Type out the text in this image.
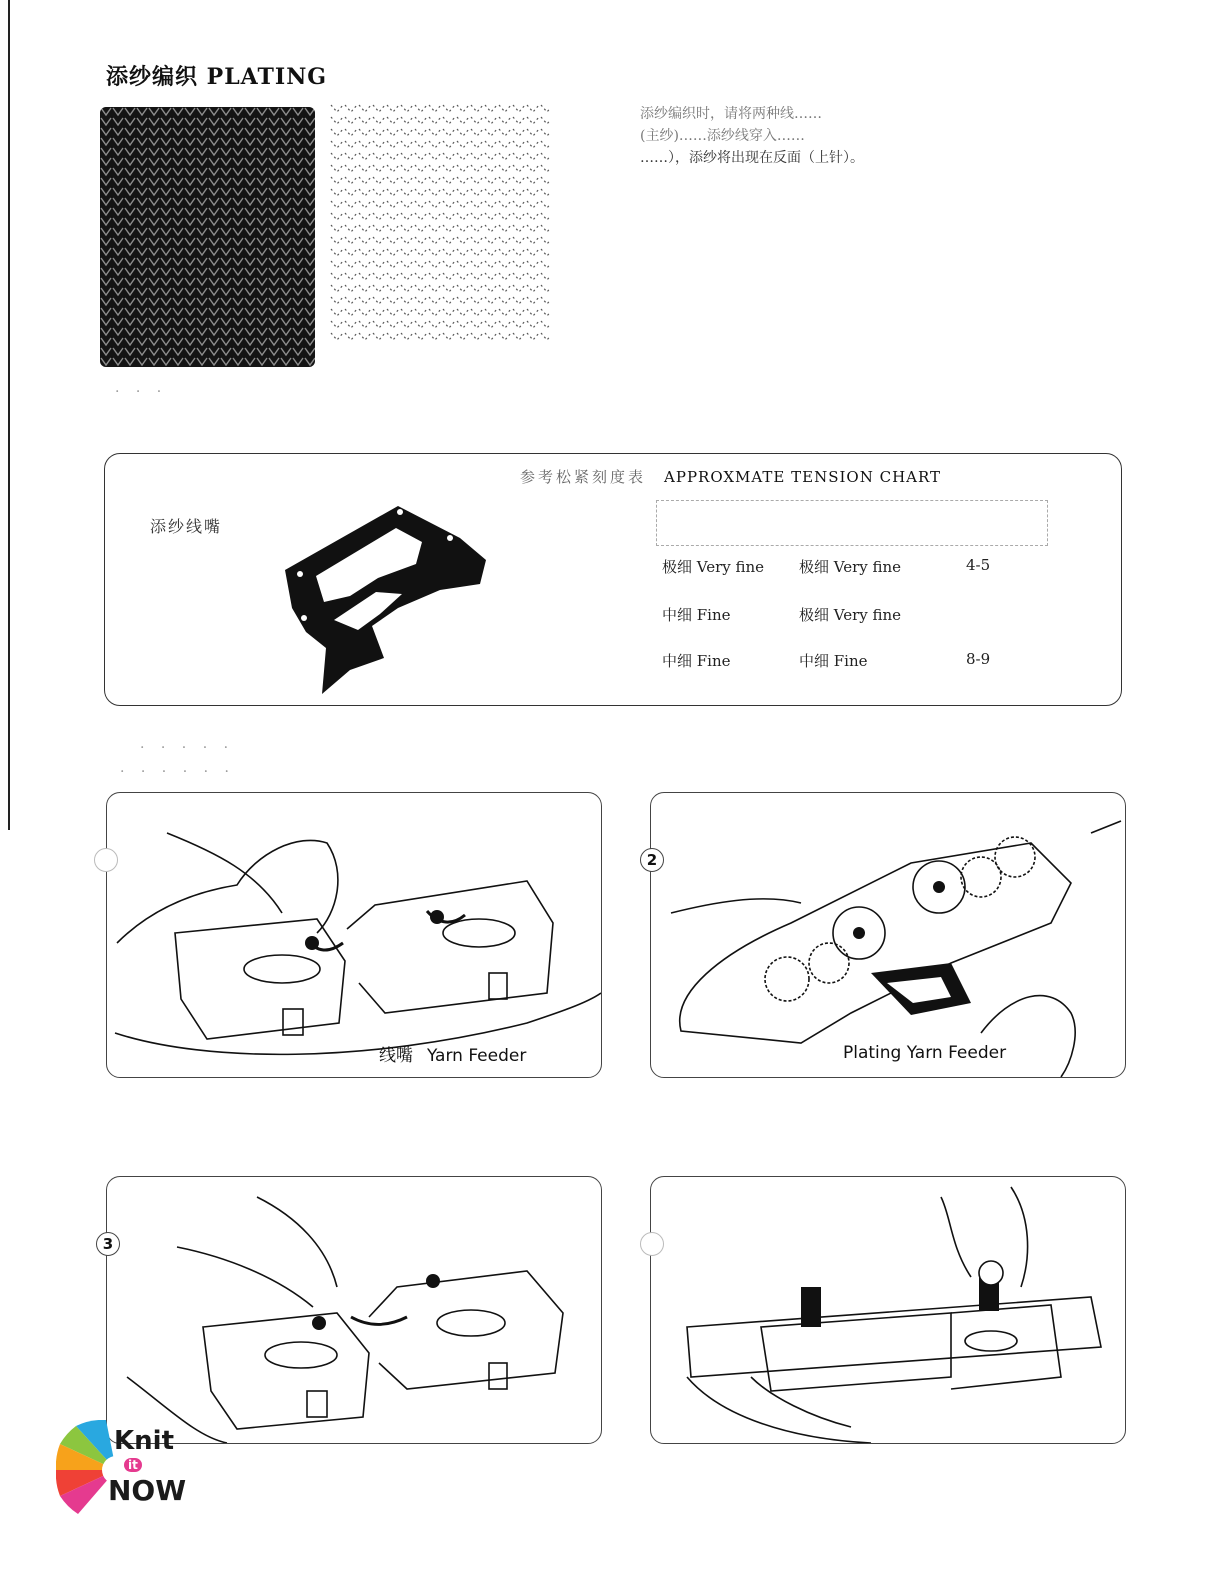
添纱编织 PLATING
添纱编织时，请将两种线……
(主纱)……添纱线穿入……
……），添纱将出现在反面（上针）。
· · ·
参考松紧刻度表 APPROXMATE TENSION CHART
添纱线嘴
极细 Very fine	极细 Very fine	4-5
中细 Fine	极细 Very fine
中细 Fine	中细 Fine	8-9
· · · · ·
· · · · · ·
线嘴 Yarn Feeder	Plating Yarn Feeder
2
3
Knit
it
NOW
